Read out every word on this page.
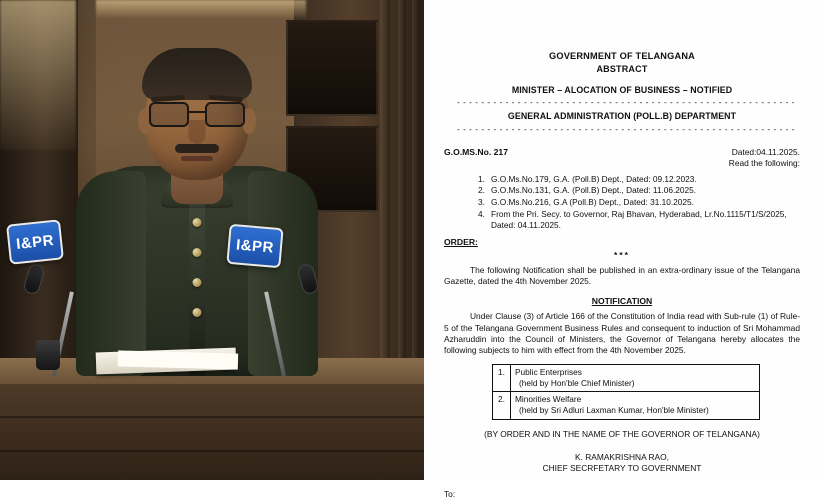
I&PR	I&PR
GOVERNMENT OF TELANGANA
ABSTRACT
MINISTER – ALOCATION OF BUSINESS – NOTIFIED
- - - - - - - - - - - - - - - - - - - - - - - - - - - - - - - - - - - - - - - - - - - - - - - - - - - - - - - -
GENERAL ADMINISTRATION (POLL.B) DEPARTMENT
- - - - - - - - - - - - - - - - - - - - - - - - - - - - - - - - - - - - - - - - - - - - - - - - - - - - - - - -
G.O.MS.No. 217	Dated:04.11.2025.
Read the following:
1. G.O.Ms.No.179, G.A. (Poll.B) Dept., Dated: 09.12.2023.
2. G.O.Ms.No.131, G.A. (Poll.B) Dept., Dated: 11.06.2025.
3. G.O.Ms.No.216, G.A (Poll.B) Dept., Dated: 31.10.2025.
4. From the Pri. Secy. to Governor, Raj Bhavan, Hyderabad, Lr.No.1115/T1/S/2025, Dated: 04.11.2025.
ORDER:
***
The following Notification shall be published in an extra-ordinary issue of the Telangana Gazette, dated the 4th November 2025.
NOTIFICATION
Under Clause (3) of Article 166 of the Constitution of India read with Sub-rule (1) of Rule-5 of the Telangana Government Business Rules and consequent to induction of Sri Mohammad Azharuddin into the Council of Ministers, the Governor of Telangana hereby allocates the following subjects to him with effect from the 4th November 2025.
1.	Public Enterprises
(held by Hon'ble Chief Minister)

2.	Minorities Welfare
(held by Sri Adluri Laxman Kumar, Hon'ble Minister)
(BY ORDER AND IN THE NAME OF THE GOVERNOR OF TELANGANA)
K. RAMAKRISHNA RAO,
CHIEF SECRFETARY TO GOVERNMENT
To:
